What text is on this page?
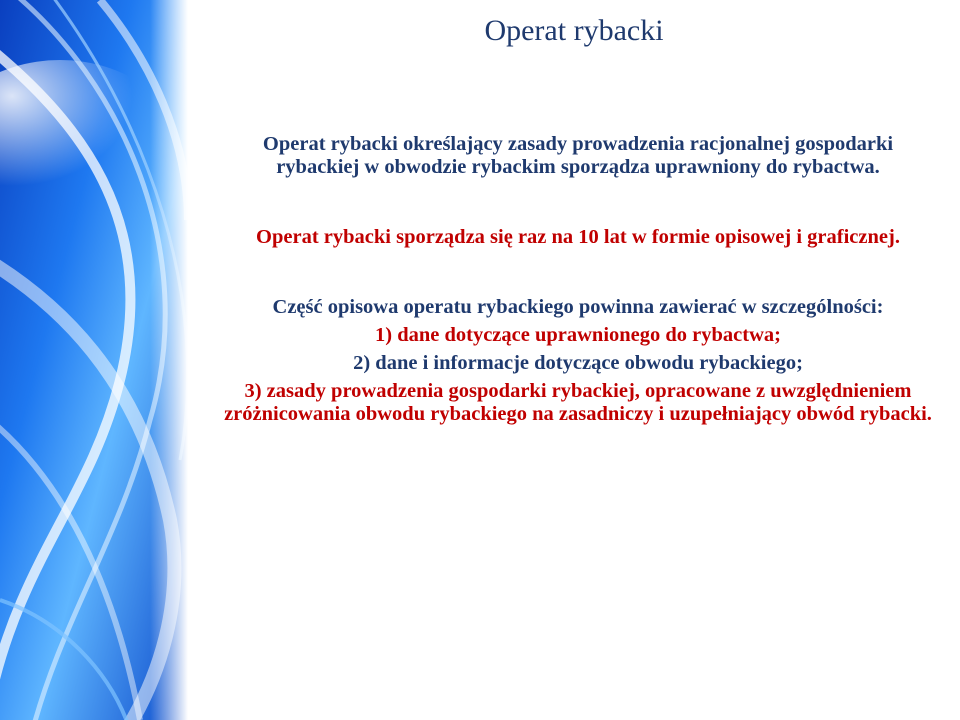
Operat rybacki

Operat rybacki określający zasady prowadzenia racjonalnej gospodarki rybackiej w obwodzie rybackim sporządza uprawniony do rybactwa.

Operat rybacki sporządza się raz na 10 lat w formie opisowej i graficznej.

Część opisowa operatu rybackiego powinna zawierać w szczególności:

1) dane dotyczące uprawnionego do rybactwa;

2) dane i informacje dotyczące obwodu rybackiego;

3) zasady prowadzenia gospodarki rybackiej, opracowane z uwzględnieniem zróżnicowania obwodu rybackiego na zasadniczy i uzupełniający obwód rybacki.
